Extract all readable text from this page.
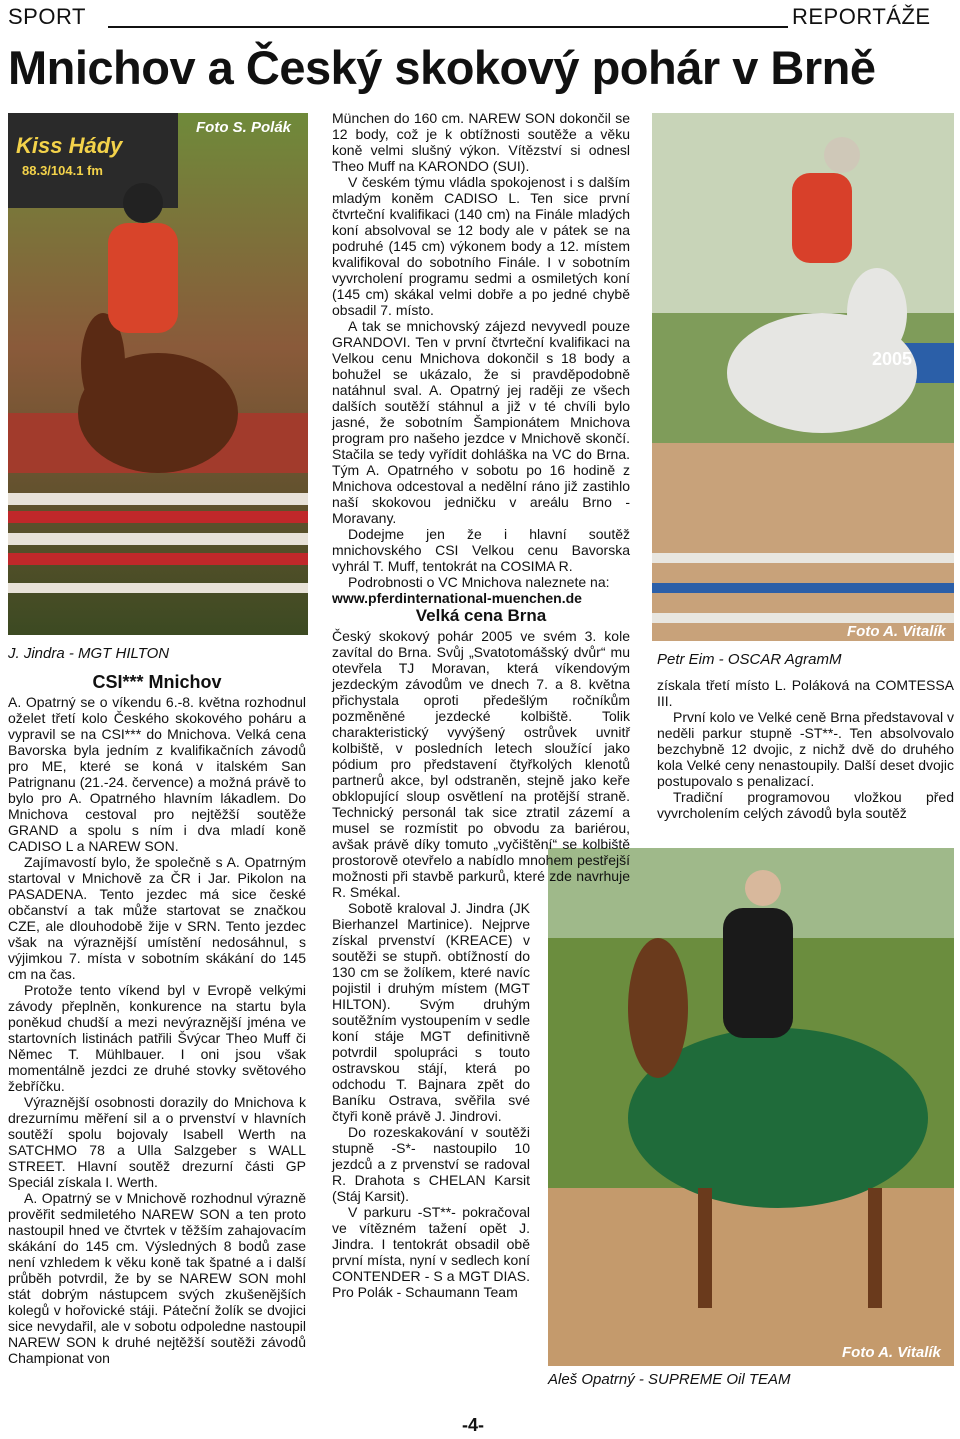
SPORT	REPORTÁŽE
Mnichov a Český skokový pohár v Brně
Kiss Hády
88.3/104.1 fm
Foto S. Polák
J. Jindra - MGT HILTON
2005
Foto A. Vitalík
Petr Eim - OSCAR AgramM
Foto A. Vitalík
Aleš Opatrný - SUPREME Oil TEAM
CSI*** Mnichov

A. Opatrný se o víkendu 6.-8. května rozhodnul oželet třetí kolo Českého skokového poháru a vypravil se na CSI*** do Mnichova. Velká cena Bavorska byla jedním z kvalifikačních závodů pro ME, které se koná v italském San Patrignanu (21.-24. července) a možná právě to bylo pro A. Opatrného hlavním lákadlem. Do Mnichova cestoval pro nejtěžší soutěže GRAND a spolu s ním i dva mladí koně CADISO L a NAREW SON.

Zajímavostí bylo, že společně s A. Opatrným startoval v Mnichově za ČR i Jar. Pikolon na PASADENA. Tento jezdec má sice české občanství a tak může startovat se značkou CZE, ale dlouhodobě žije v SRN. Tento jezdec však na výraznější umístění nedosáhnul, s výjimkou 7. místa v sobotním skákání do 145 cm na čas.

Protože tento víkend byl v Evropě velkými závody přeplněn, konkurence na startu byla poněkud chudší a mezi nevýraznější jména ve startovních listinách patřili Švýcar Theo Muff či Němec T. Mühlbauer. I oni jsou však momentálně jezdci ze druhé stovky světového žebříčku.

Výraznější osobnosti dorazily do Mnichova k drezurnímu měření sil a o prvenství v hlavních soutěží spolu bojovaly Isabell Werth na SATCHMO 78 a Ulla Salzgeber s WALL STREET. Hlavní soutěž drezurní části GP Speciál získala I. Werth.

A. Opatrný se v Mnichově rozhodnul výrazně prověřit sedmiletého NAREW SON a ten proto nastoupil hned ve čtvrtek v těžším zahajovacím skákání do 145 cm. Výsledných 8 bodů zase není vzhledem k věku koně tak špatné a i další průběh potvrdil, že by se NAREW SON mohl stát dobrým nástupcem svých zkušenějších kolegů v hořovické stáji. Páteční žolík se dvojici sice nevydařil, ale v sobotu odpoledne nastoupil NAREW SON k druhé nejtěžší soutěži závodů Championat von

München do 160 cm. NAREW SON dokončil se 12 body, což je k obtížnosti soutěže a věku koně velmi slušný výkon. Vítězství si odnesl Theo Muff na KARONDO (SUI).

V českém týmu vládla spokojenost i s dalším mladým koněm CADISO L. Ten sice první čtvrteční kvalifikaci (140 cm) na Finále mladých koní absolvoval se 12 body ale v pátek se na podruhé (145 cm) výkonem body a 12. místem kvalifikoval do sobotního Finále. I v sobotním vyvrcholení programu sedmi a osmiletých koní (145 cm) skákal velmi dobře a po jedné chybě obsadil 7. místo.

A tak se mnichovský zájezd nevyvedl pouze GRANDOVI. Ten v první čtvrteční kvalifikaci na Velkou cenu Mnichova dokončil s 18 body a bohužel se ukázalo, že si pravděpodobně natáhnul sval. A. Opatrný jej raději ze všech dalších soutěží stáhnul a již v té chvíli bylo jasné, že sobotním Šampionátem Mnichova program pro našeho jezdce v Mnichově skončí. Stačila se tedy vyřídit dohláška na VC do Brna. Tým A. Opatrného v sobotu po 16 hodině z Mnichova odcestoval a nedělní ráno již zastihlo naší skokovou jedničku v areálu Brno - Moravany.

Dodejme jen že i hlavní soutěž mnichovského CSI Velkou cenu Bavorska vyhrál T. Muff, tentokrát na COSIMA R.

Podrobnosti o VC Mnichova naleznete na:

www.pferdinternational-muenchen.de

Velká cena Brna

Český skokový pohár 2005 ve svém 3. kole zavítal do Brna. Svůj „Svatotomášský dvůr“ mu otevřela TJ Moravan, která víkendovým jezdeckým závodům ve dnech 7. a 8. května přichystala oproti předešlým ročníkům pozměněné jezdecké kolbiště. Tolik charakteristický vyvýšený ostrůvek uvnitř kolbiště, v posledních letech sloužící jako pódium pro představení čtyřkolých klenotů partnerů akce, byl odstraněn, stejně jako keře obklopující sloup osvětlení na protější straně. Technický personál tak sice ztratil zázemí a musel se rozmístit po obvodu za bariérou, avšak právě díky tomuto „vyčištění“ se kolbiště prostorově otevřelo a nabídlo mnohem pestřejší možnosti při stavbě parkurů, které zde navrhuje R. Smékal.

Sobotě kraloval J. Jindra (JK Bierhanzel Martinice). Nejprve získal prvenství (KREACE) v soutěži se stupň. obtížností do 130 cm se žolíkem, které navíc pojistil i druhým místem (MGT HILTON). Svým druhým soutěžním vystoupením v sedle koní stáje MGT definitivně potvrdil spolupráci s touto ostravskou stájí, která po odchodu T. Bajnara zpět do Baníku Ostrava, svěřila své čtyři koně právě J. Jindrovi.

Do rozeskakování v soutěži stupně -S*- nastoupilo 10 jezdců a z prvenství se radoval R. Drahota s CHELAN Karsit (Stáj Karsit).

V parkuru -ST**- pokračoval ve vítězném tažení opět J. Jindra. I tentokrát obsadil obě první místa, nyní v sedlech koní CONTENDER - S a MGT DIAS. Pro Polák - Schaumann Team

získala třetí místo L. Poláková na COMTESSA III.

První kolo ve Velké ceně Brna představoval v neděli parkur stupně -ST**-. Ten absolvovalo bezchybně 12 dvojic, z nichž dvě do druhého kola Velké ceny nenastoupily. Další deset dvojic postupovalo s penalizací.

Tradiční programovou vložkou před vyvrcholením celých závodů byla soutěž

-4-
